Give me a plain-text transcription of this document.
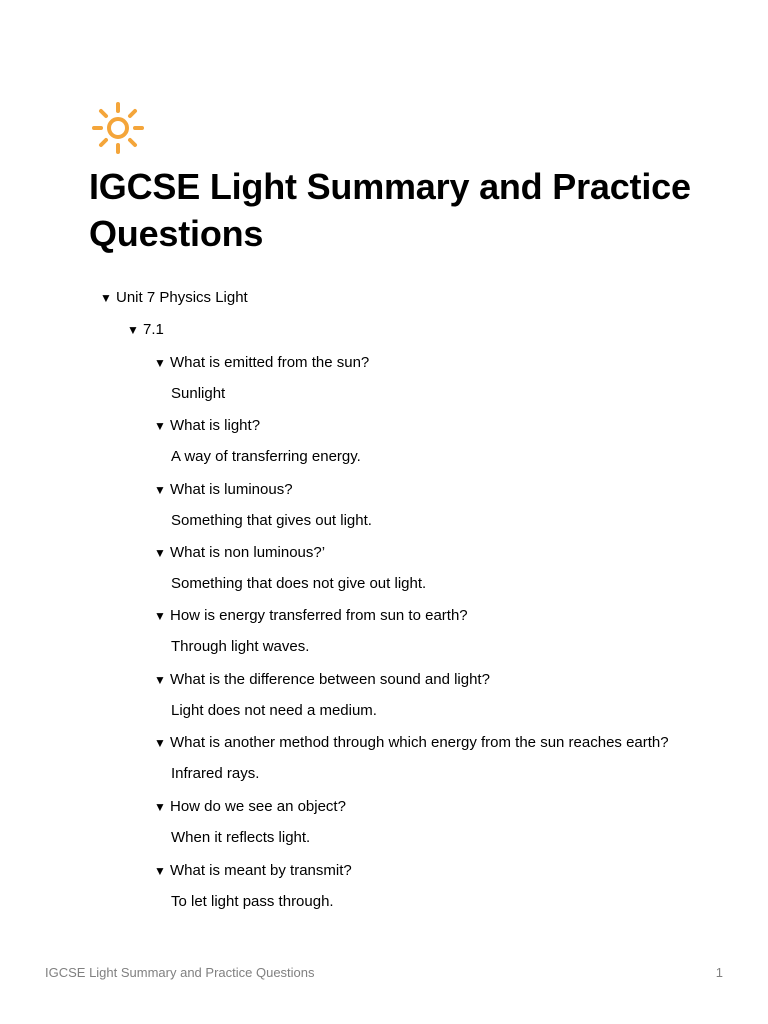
IGCSE Light Summary and Practice Questions
▼ Unit 7 Physics Light
▼ 7.1
▼ What is emitted from the sun?
Sunlight
▼ What is light?
A way of transferring energy.
▼ What is luminous?
Something that gives out light.
▼ What is non luminous?’
Something that does not give out light.
▼ How is energy transferred from sun to earth?
Through light waves.
▼ What is the difference between sound and light?
Light does not need a medium.
▼ What is another method through which energy from the sun reaches earth?
Infrared rays.
▼ How do we see an object?
When it reflects light.
▼ What is meant by transmit?
To let light pass through.
IGCSE Light Summary and Practice Questions	1
